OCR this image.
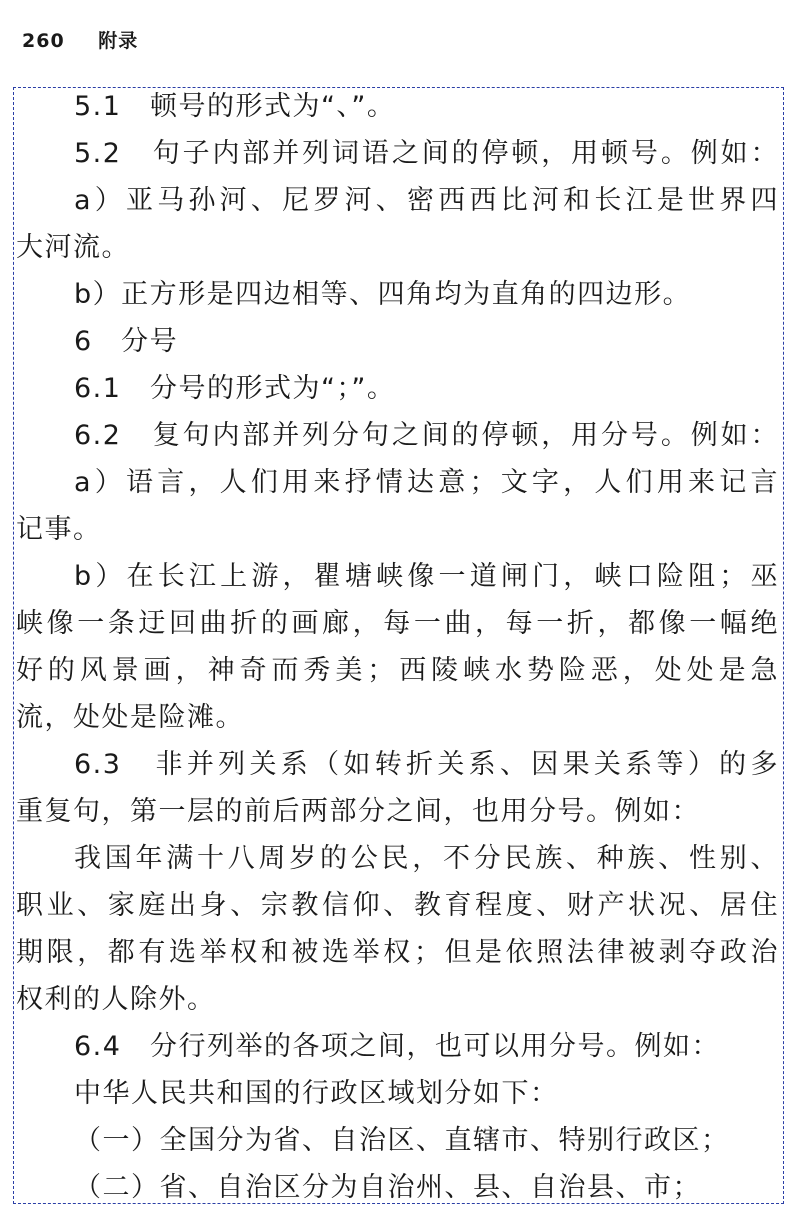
260 附录
5.1　顿号的形式为“、”。
5.2　句子内部并列词语之间的停顿，用顿号。例如：
a）亚马孙河、尼罗河、密西西比河和长江是世界四
大河流。
b）正方形是四边相等、四角均为直角的四边形。
6　分号
6.1　分号的形式为“；”。
6.2　复句内部并列分句之间的停顿，用分号。例如：
a）语言，人们用来抒情达意；文字，人们用来记言
记事。
b）在长江上游，瞿塘峡像一道闸门，峡口险阻；巫
峡像一条迂回曲折的画廊，每一曲，每一折，都像一幅绝
好的风景画，神奇而秀美；西陵峡水势险恶，处处是急
流，处处是险滩。
6.3　非并列关系（如转折关系、因果关系等）的多
重复句，第一层的前后两部分之间，也用分号。例如：
我国年满十八周岁的公民，不分民族、种族、性别、
职业、家庭出身、宗教信仰、教育程度、财产状况、居住
期限，都有选举权和被选举权；但是依照法律被剥夺政治
权利的人除外。
6.4　分行列举的各项之间，也可以用分号。例如：
中华人民共和国的行政区域划分如下：
（一）全国分为省、自治区、直辖市、特别行政区；
（二）省、自治区分为自治州、县、自治县、市；
